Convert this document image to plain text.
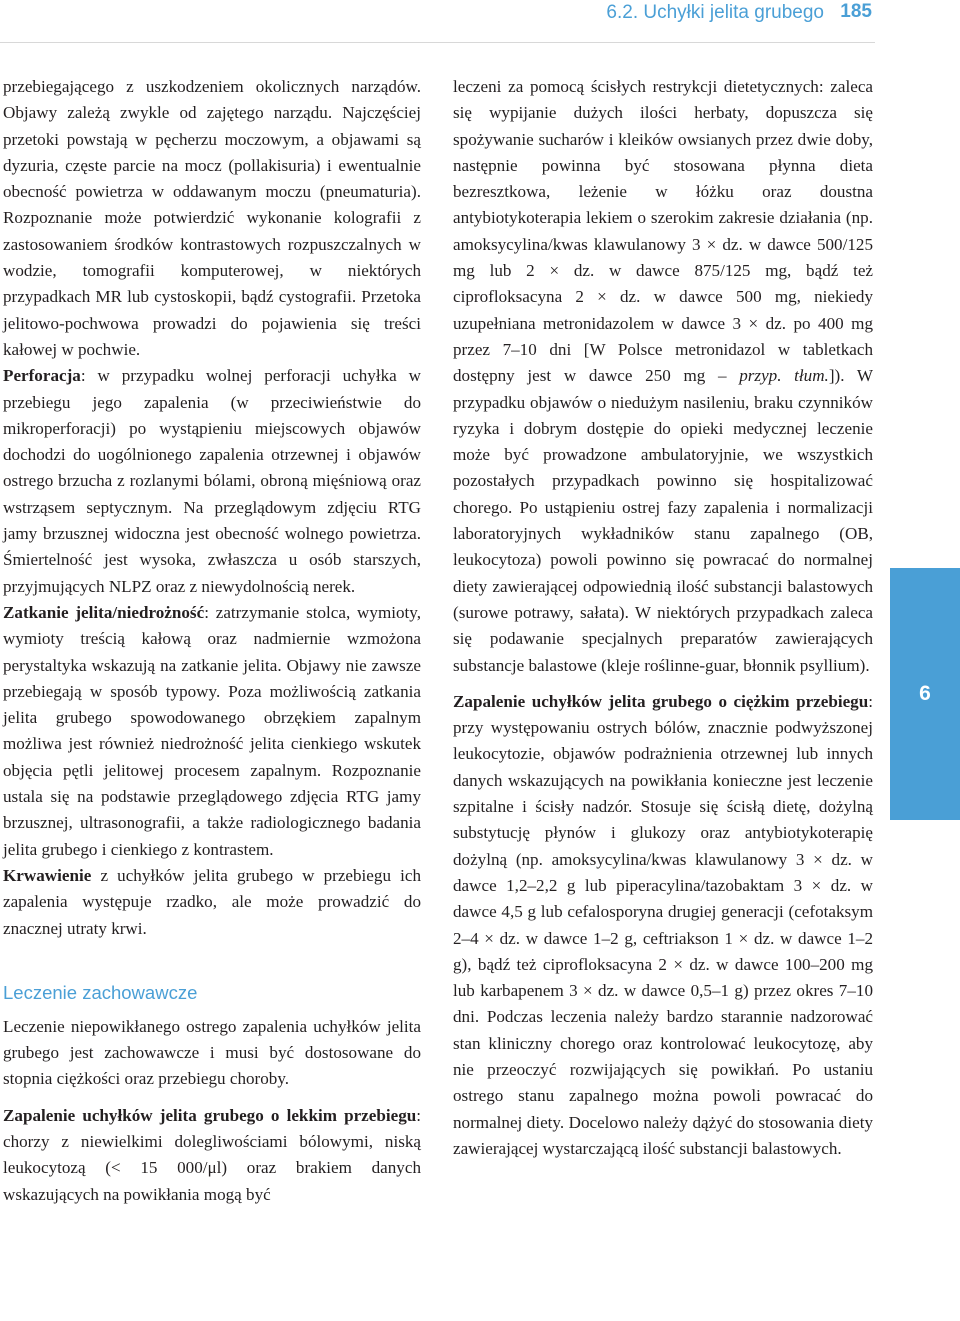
6.2. Uchyłki jelita grubego 185

przebiegającego z uszkodzeniem okolicznych narządów. Objawy zależą zwykle od zajętego narządu. Najczęściej przetoki powstają w pęcherzu moczowym, a objawami są dyzuria, częste parcie na mocz (pollakisuria) i ewentualnie obecność powietrza w oddawanym moczu (pneumaturia). Rozpoznanie może potwierdzić wykonanie kolografii z zastosowaniem środków kontrastowych rozpuszczalnych w wodzie, tomografii komputerowej, w niektórych przypadkach MR lub cystoskopii, bądź cystografii. Przetoka jelitowo-pochwowa prowadzi do pojawienia się treści kałowej w pochwie.

Perforacja: w przypadku wolnej perforacji uchyłka w przebiegu jego zapalenia (w przeciwieństwie do mikroperforacji) po wystąpieniu miejscowych objawów dochodzi do uogólnionego zapalenia otrzewnej i objawów ostrego brzucha z rozlanymi bólami, obroną mięśniową oraz wstrząsem septycznym. Na przeglądowym zdjęciu RTG jamy brzusznej widoczna jest obecność wolnego powietrza. Śmiertelność jest wysoka, zwłaszcza u osób starszych, przyjmujących NLPZ oraz z niewydolnością nerek.

Zatkanie jelita/niedrożność: zatrzymanie stolca, wymioty, wymioty treścią kałową oraz nadmiernie wzmożona perystaltyka wskazują na zatkanie jelita. Objawy nie zawsze przebiegają w sposób typowy. Poza możliwością zatkania jelita grubego spowodowanego obrzękiem zapalnym możliwa jest również niedrożność jelita cienkiego wskutek objęcia pętli jelitowej procesem zapalnym. Rozpoznanie ustala się na podstawie przeglądowego zdjęcia RTG jamy brzusznej, ultrasonografii, a także radiologicznego badania jelita grubego i cienkiego z kontrastem.

Krwawienie z uchyłków jelita grubego w przebiegu ich zapalenia występuje rzadko, ale może prowadzić do znacznej utraty krwi.

Leczenie zachowawcze

Leczenie niepowikłanego ostrego zapalenia uchyłków jelita grubego jest zachowawcze i musi być dostosowane do stopnia ciężkości oraz przebiegu choroby.

Zapalenie uchyłków jelita grubego o lekkim przebiegu: chorzy z niewielkimi dolegliwościami bólowymi, niską leukocytozą (< 15 000/μl) oraz brakiem danych wskazujących na powikłania mogą być

leczeni za pomocą ścisłych restrykcji dietetycznych: zaleca się wypijanie dużych ilości herbaty, dopuszcza się spożywanie sucharów i kleików owsianych przez dwie doby, następnie powinna być stosowana płynna dieta bezresztkowa, leżenie w łóżku oraz doustna antybiotykoterapia lekiem o szerokim zakresie działania (np. amoksycylina/kwas klawulanowy 3 × dz. w dawce 500/125 mg lub 2 × dz. w dawce 875/125 mg, bądź też ciprofloksacyna 2 × dz. w dawce 500 mg, niekiedy uzupełniana metronidazolem w dawce 3 × dz. po 400 mg przez 7–10 dni [W Polsce metronidazol w tabletkach dostępny jest w dawce 250 mg – przyp. tłum.]). W przypadku objawów o niedużym nasileniu, braku czynników ryzyka i dobrym dostępie do opieki medycznej leczenie może być prowadzone ambulatoryjnie, we wszystkich pozostałych przypadkach powinno się hospitalizować chorego. Po ustąpieniu ostrej fazy zapalenia i normalizacji laboratoryjnych wykładników stanu zapalnego (OB, leukocytoza) powoli powinno się powracać do normalnej diety zawierającej odpowiednią ilość substancji balastowych (surowe potrawy, sałata). W niektórych przypadkach zaleca się podawanie specjalnych preparatów zawierających substancje balastowe (kleje roślinne-guar, błonnik psyllium).

Zapalenie uchyłków jelita grubego o ciężkim przebiegu: przy występowaniu ostrych bólów, znacznie podwyższonej leukocytozie, objawów podrażnienia otrzewnej lub innych danych wskazujących na powikłania konieczne jest leczenie szpitalne i ścisły nadzór. Stosuje się ścisłą dietę, dożylną substytucję płynów i glukozy oraz antybiotykoterapię dożylną (np. amoksycylina/kwas klawulanowy 3 × dz. w dawce 1,2–2,2 g lub piperacylina/tazobaktam 3 × dz. w dawce 4,5 g lub cefalosporyna drugiej generacji (cefotaksym 2–4 × dz. w dawce 1–2 g, ceftriakson 1 × dz. w dawce 1–2 g), bądź też ciprofloksacyna 2 × dz. w dawce 100–200 mg lub karbapenem 3 × dz. w dawce 0,5–1 g) przez okres 7–10 dni. Podczas leczenia należy bardzo starannie nadzorować stan kliniczny chorego oraz kontrolować leukocytozę, aby nie przeoczyć rozwijających się powikłań. Po ustaniu ostrego stanu zapalnego można powoli powracać do normalnej diety. Docelowo należy dążyć do stosowania diety zawierającej wystarczającą ilość substancji balastowych.

6
